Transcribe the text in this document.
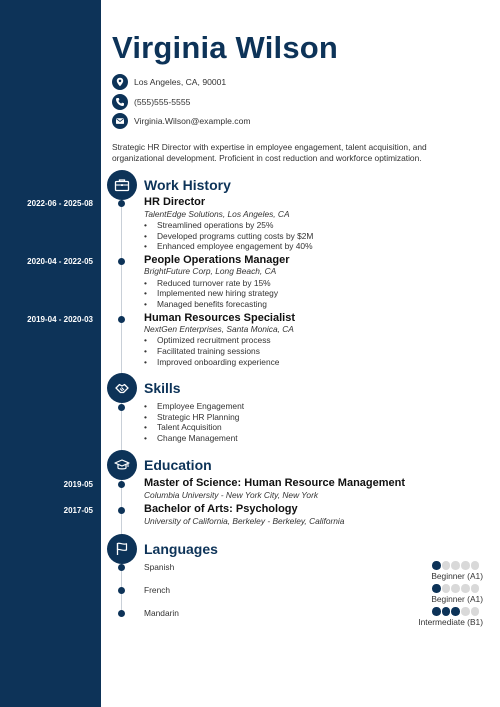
Virginia Wilson
Los Angeles, CA, 90001
(555)555-5555
Virginia.Wilson@example.com
Strategic HR Director with expertise in employee engagement, talent acquisition, and organizational development. Proficient in cost reduction and workforce optimization.
Work History
2022-06 - 2025-08	HR Director
TalentEdge Solutions, Los Angeles, CA
• Streamlined operations by 25%
• Developed programs cutting costs by $2M
• Enhanced employee engagement by 40%
2020-04 - 2022-05	People Operations Manager
BrightFuture Corp, Long Beach, CA
• Reduced turnover rate by 15%
• Implemented new hiring strategy
• Managed benefits forecasting
2019-04 - 2020-03	Human Resources Specialist
NextGen Enterprises, Santa Monica, CA
• Optimized recruitment process
• Facilitated training sessions
• Improved onboarding experience
Skills
• Employee Engagement
• Strategic HR Planning
• Talent Acquisition
• Change Management
Education
2019-05	Master of Science: Human Resource Management
Columbia University - New York City, New York
2017-05	Bachelor of Arts: Psychology
University of California, Berkeley - Berkeley, California
Languages
Spanish
Beginner (A1)
French
Beginner (A1)
Mandarin
Intermediate (B1)
